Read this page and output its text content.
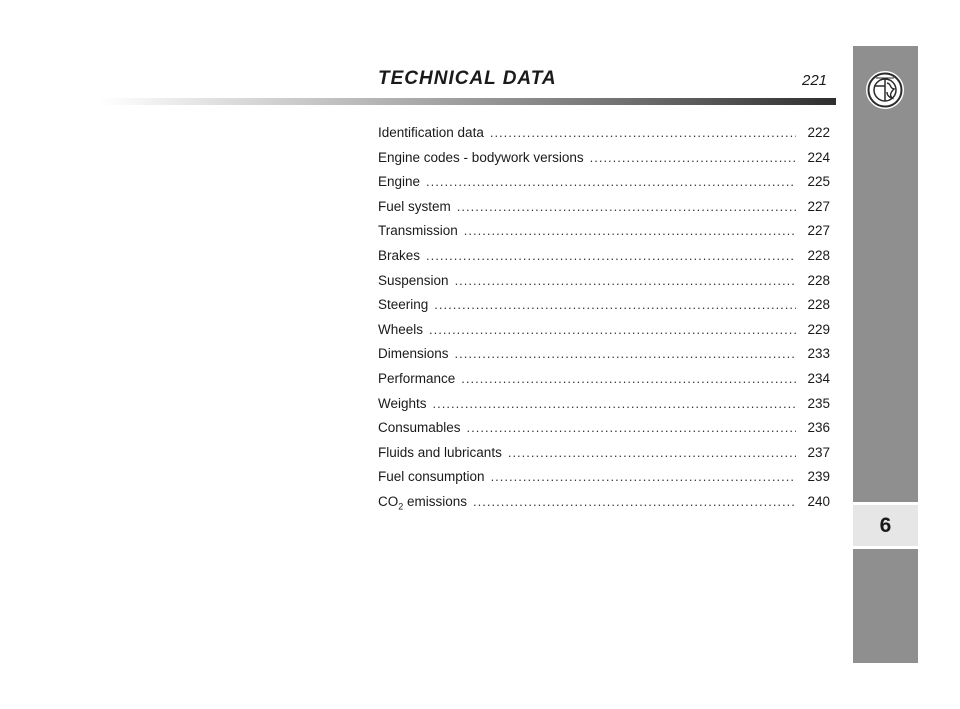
TECHNICAL DATA	221
Identification data .....	222
Engine codes - bodywork versions .....	224
Engine .....	225
Fuel system .....	227
Transmission .....	227
Brakes .....	228
Suspension .....	228
Steering .....	228
Wheels .....	229
Dimensions .....	233
Performance .....	234
Weights .....	235
Consumables .....	236
Fluids and lubricants .....	237
Fuel consumption .....	239
$CO_2$ emissions .....	240
6
